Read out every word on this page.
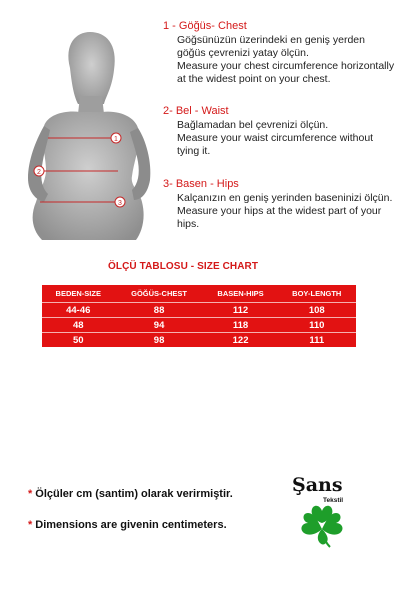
1
2
3
1 - Göğüs- Chest
Göğsünüzün üzerindeki en geniş yerden göğüs çevrenizi yatay ölçün.
Measure your chest circumference horizontally at the widest point on your chest.
2- Bel - Waist
Bağlamadan bel çevrenizi ölçün.
Measure your waist circumference without tying it.
3- Basen - Hips
Kalçanızın en geniş yerinden baseninizi ölçün.
Measure your hips at the widest part of your hips.
ÖLÇÜ TABLOSU - SIZE CHART
BEDEN-SIZE	GÖĞÜS-CHEST	BASEN-HIPS	BOY-LENGTH
44-46	88	112	108
48	94	118	110
50	98	122	111
* Ölçüler cm (santim) olarak verirmiştir.
* Dimensions are givenin centimeters.
Şans
Tekstil
